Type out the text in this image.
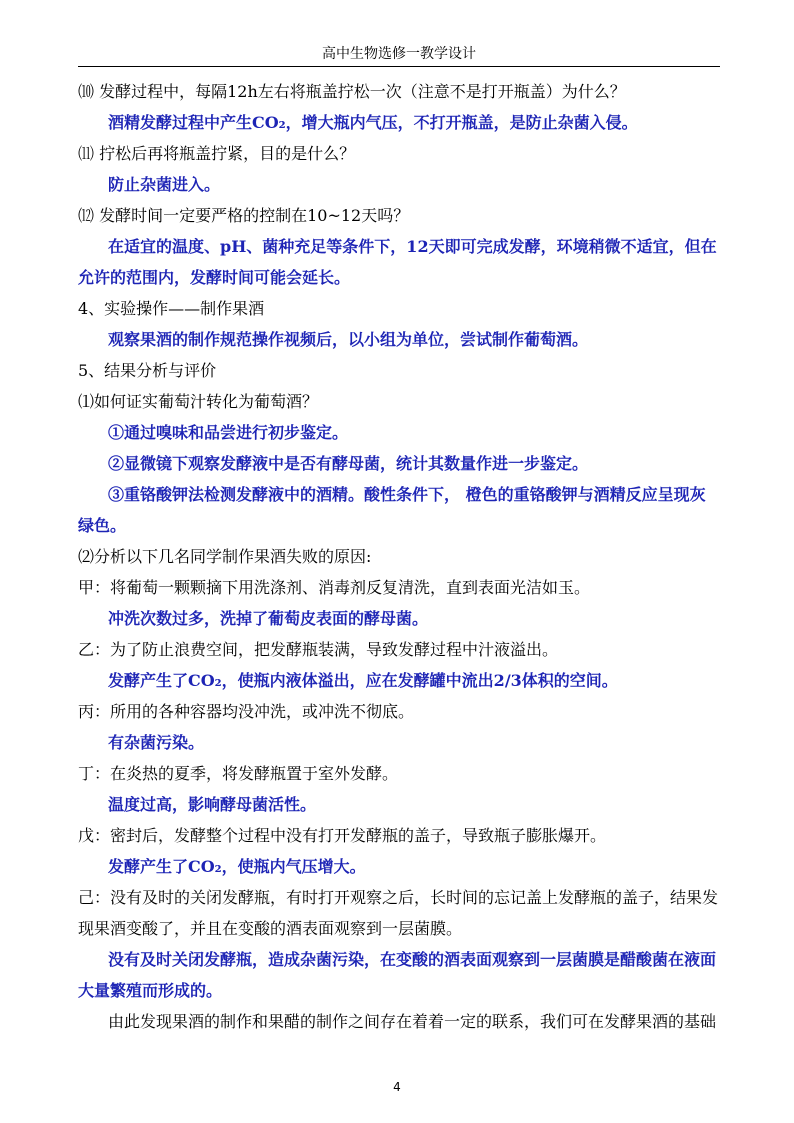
高中生物选修一教学设计
⑽ 发酵过程中，每隔12h左右将瓶盖拧松一次（注意不是打开瓶盖）为什么？
酒精发酵过程中产生CO₂，增大瓶内气压，不打开瓶盖，是防止杂菌入侵。
⑾ 拧松后再将瓶盖拧紧，目的是什么？
防止杂菌进入。
⑿ 发酵时间一定要严格的控制在10~12天吗？
在适宜的温度、pH、菌种充足等条件下，12天即可完成发酵，环境稍微不适宜，但在
允许的范围内，发酵时间可能会延长。
4、实验操作——制作果酒
观察果酒的制作规范操作视频后，以小组为单位，尝试制作葡萄酒。
5、结果分析与评价
⑴如何证实葡萄汁转化为葡萄酒？
①通过嗅味和品尝进行初步鉴定。
②显微镜下观察发酵液中是否有酵母菌，统计其数量作进一步鉴定。
③重铬酸钾法检测发酵液中的酒精。酸性条件下， 橙色的重铬酸钾与酒精反应呈现灰
绿色。
⑵分析以下几名同学制作果酒失败的原因:
甲：将葡萄一颗颗摘下用洗涤剂、消毒剂反复清洗，直到表面光洁如玉。
冲洗次数过多，洗掉了葡萄皮表面的酵母菌。
乙：为了防止浪费空间，把发酵瓶装满，导致发酵过程中汁液溢出。
发酵产生了CO₂，使瓶内液体溢出，应在发酵罐中流出2/3体积的空间。
丙：所用的各种容器均没冲洗，或冲洗不彻底。
有杂菌污染。
丁：在炎热的夏季，将发酵瓶置于室外发酵。
温度过高，影响酵母菌活性。
戊：密封后，发酵整个过程中没有打开发酵瓶的盖子，导致瓶子膨胀爆开。
发酵产生了CO₂，使瓶内气压增大。
己：没有及时的关闭发酵瓶，有时打开观察之后，长时间的忘记盖上发酵瓶的盖子，结果发
现果酒变酸了，并且在变酸的酒表面观察到一层菌膜。
没有及时关闭发酵瓶，造成杂菌污染，在变酸的酒表面观察到一层菌膜是醋酸菌在液面
大量繁殖而形成的。
由此发现果酒的制作和果醋的制作之间存在着着一定的联系，我们可在发酵果酒的基础
4
